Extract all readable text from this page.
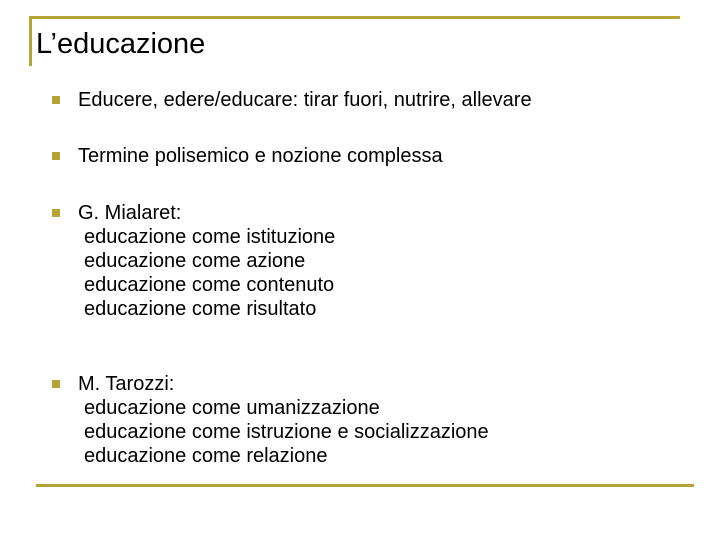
L’educazione
Educere, edere/educare: tirar fuori, nutrire, allevare
Termine polisemico e nozione complessa
G. Mialaret:
educazione come istituzione
educazione come azione
educazione come contenuto
educazione come risultato
M. Tarozzi:
educazione come umanizzazione
educazione come istruzione e socializzazione
educazione come relazione
